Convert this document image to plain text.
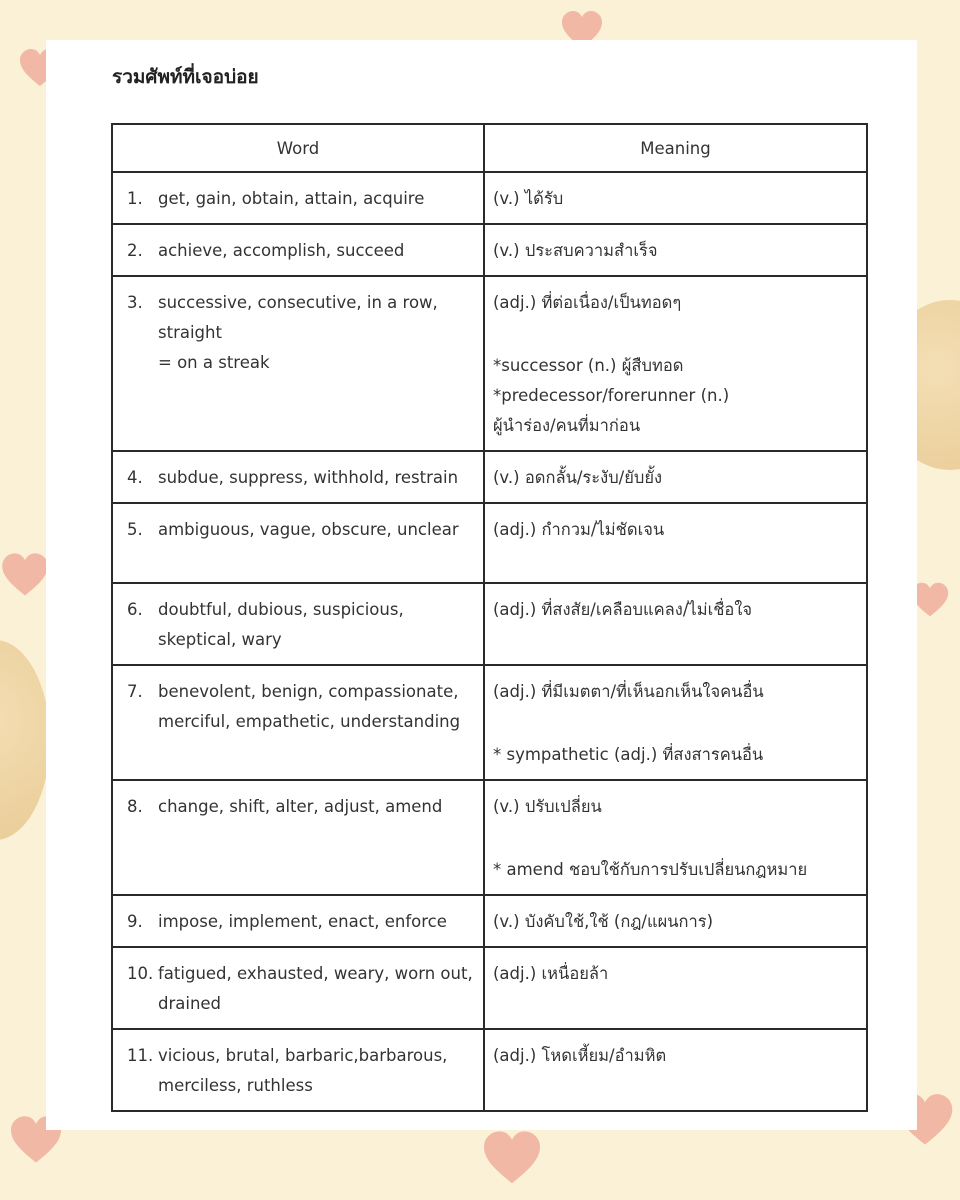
รวมศัพท์ที่เจอบ่อย
Word	Meaning

1. get, gain, obtain, attain, acquire	(v.) ได้รับ

2. achieve, accomplish, succeed	(v.) ประสบความสำเร็จ

3. successive, consecutive, in a row,
straight
= on a streak	(adj.) ที่ต่อเนื่อง/เป็นทอดๆ
*successor (n.) ผู้สืบทอด
*predecessor/forerunner (n.)
ผู้นำร่อง/คนที่มาก่อน

4. subdue, suppress, withhold, restrain	(v.) อดกลั้น/ระงับ/ยับยั้ง

5. ambiguous, vague, obscure, unclear	(adj.) กำกวม/ไม่ชัดเจน

6. doubtful, dubious, suspicious,
skeptical, wary	(adj.) ที่สงสัย/เคลือบแคลง/ไม่เชื่อใจ

7. benevolent, benign, compassionate,
merciful, empathetic, understanding	(adj.) ที่มีเมตตา/ที่เห็นอกเห็นใจคนอื่น
* sympathetic (adj.) ที่สงสารคนอื่น

8. change, shift, alter, adjust, amend	(v.) ปรับเปลี่ยน
* amend ชอบใช้กับการปรับเปลี่ยนกฎหมาย

9. impose, implement, enact, enforce	(v.) บังคับใช้,ใช้ (กฎ/แผนการ)

10. fatigued, exhausted, weary, worn out,
drained	(adj.) เหนื่อยล้า

11. vicious, brutal, barbaric,barbarous,
merciless, ruthless	(adj.) โหดเหี้ยม/อำมหิต
